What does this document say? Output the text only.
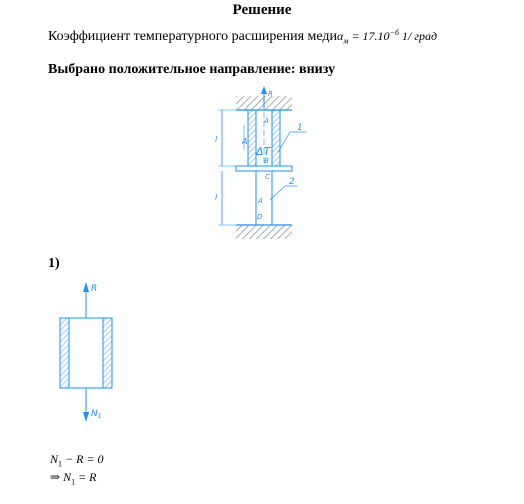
Решение
Коэффициент температурного расширения медиα$_м$ = $17.10^{-6}$ 1/ град
Выбрано положительное направление: внизу
R
l
l
A
A
ΔT
B
C
A
D
1
2
R
$N_1$
1)
$N_1 - R = 0$
⇒ $N_1 = R$
